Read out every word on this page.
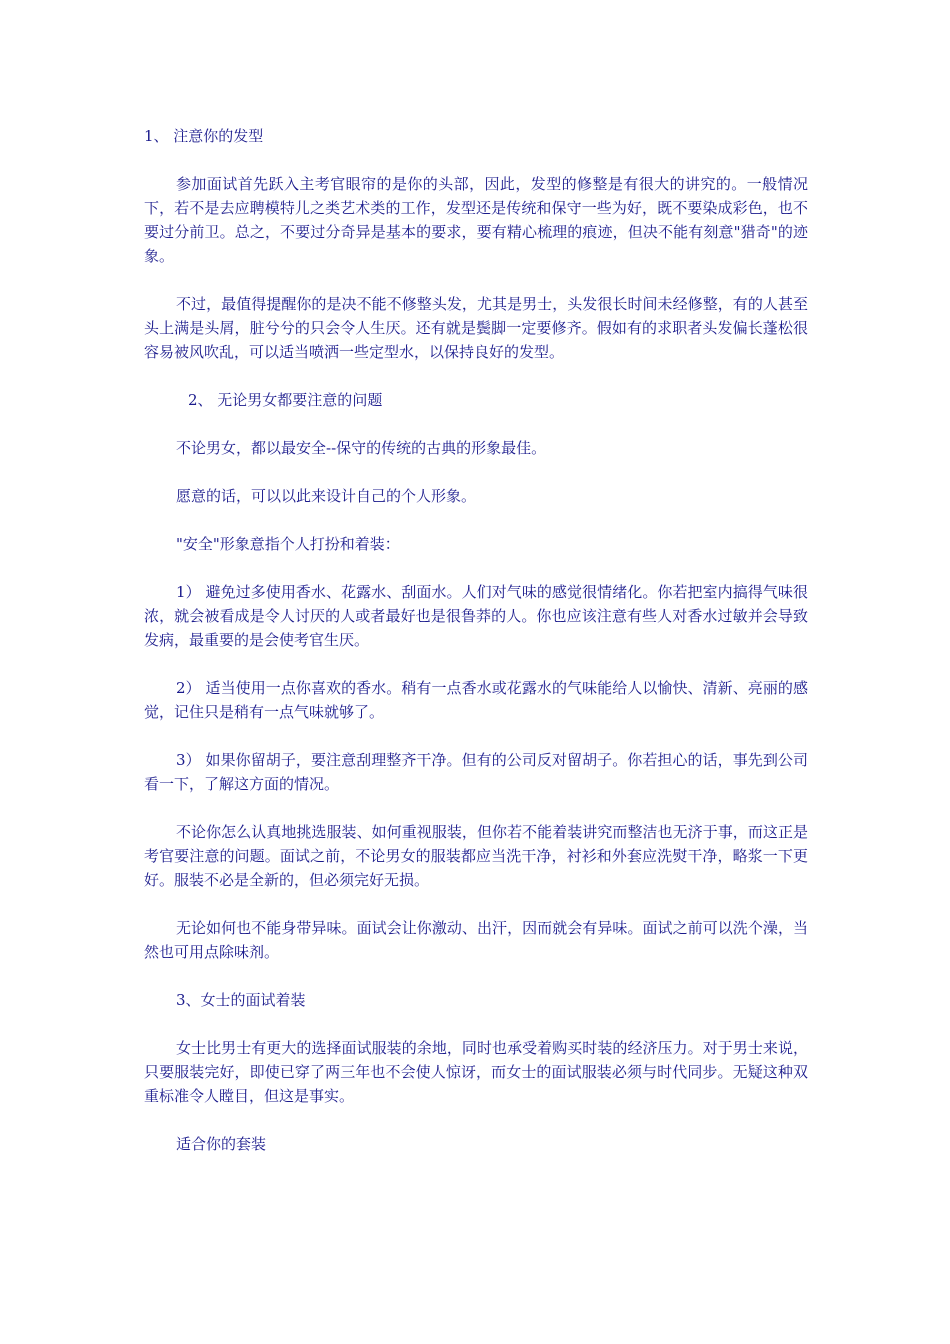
1、 注意你的发型
参加面试首先跃入主考官眼帘的是你的头部，因此，发型的修整是有很大的讲究的。一般情况下，若不是去应聘模特儿之类艺术类的工作，发型还是传统和保守一些为好，既不要染成彩色，也不要过分前卫。总之，不要过分奇异是基本的要求，要有精心梳理的痕迹，但决不能有刻意"猎奇"的迹象。
不过，最值得提醒你的是决不能不修整头发，尤其是男士，头发很长时间未经修整，有的人甚至头上满是头屑，脏兮兮的只会令人生厌。还有就是鬓脚一定要修齐。假如有的求职者头发偏长蓬松很容易被风吹乱，可以适当喷洒一些定型水，以保持良好的发型。
2、 无论男女都要注意的问题
不论男女，都以最安全--保守的传统的古典的形象最佳。
愿意的话，可以以此来设计自己的个人形象。
"安全"形象意指个人打扮和着装：
1） 避免过多使用香水、花露水、刮面水。人们对气味的感觉很情绪化。你若把室内搞得气味很浓，就会被看成是令人讨厌的人或者最好也是很鲁莽的人。你也应该注意有些人对香水过敏并会导致发病，最重要的是会使考官生厌。
2） 适当使用一点你喜欢的香水。稍有一点香水或花露水的气味能给人以愉快、清新、亮丽的感觉，记住只是稍有一点气味就够了。
3） 如果你留胡子，要注意刮理整齐干净。但有的公司反对留胡子。你若担心的话，事先到公司看一下，了解这方面的情况。
不论你怎么认真地挑选服装、如何重视服装，但你若不能着装讲究而整洁也无济于事，而这正是考官要注意的问题。面试之前，不论男女的服装都应当洗干净，衬衫和外套应洗熨干净，略浆一下更好。服装不必是全新的，但必须完好无损。
无论如何也不能身带异味。面试会让你激动、出汗，因而就会有异味。面试之前可以洗个澡，当然也可用点除味剂。
3、女士的面试着装
女士比男士有更大的选择面试服装的余地，同时也承受着购买时装的经济压力。对于男士来说，只要服装完好，即使已穿了两三年也不会使人惊讶，而女士的面试服装必须与时代同步。无疑这种双重标准令人瞠目，但这是事实。
适合你的套装
